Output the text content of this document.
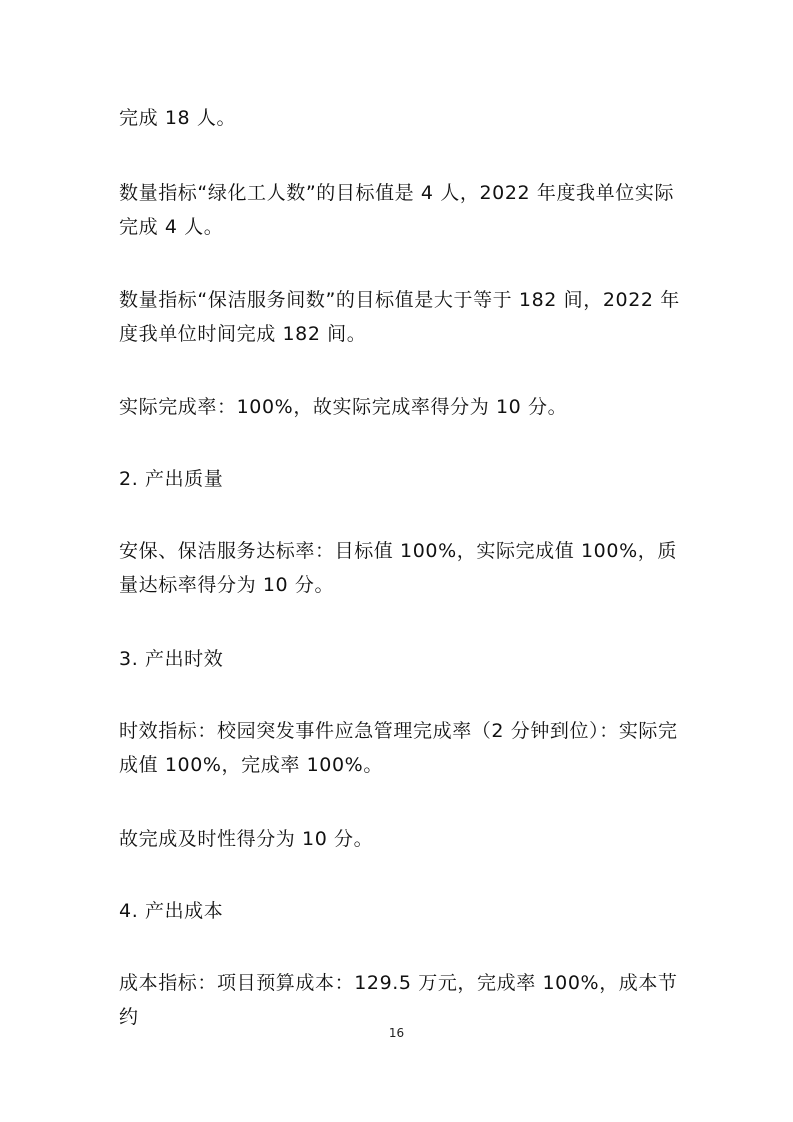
完成 18 人。

数量指标“绿化工人数”的目标值是 4 人，2022 年度我单位实际完成 4 人。

数量指标“保洁服务间数”的目标值是大于等于 182 间，2022 年度我单位时间完成 182 间。

实际完成率：100%，故实际完成率得分为 10 分。

2. 产出质量

安保、保洁服务达标率：目标值 100%，实际完成值 100%，质量达标率得分为 10 分。

3. 产出时效

时效指标：校园突发事件应急管理完成率（2 分钟到位）：实际完成值 100%，完成率 100%。

故完成及时性得分为 10 分。

4. 产出成本

成本指标：项目预算成本：129.5 万元，完成率 100%，成本节约

16
